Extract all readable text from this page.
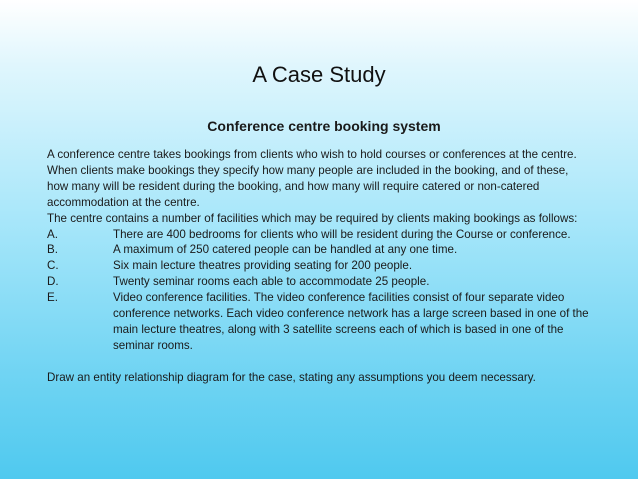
A Case Study
Conference centre booking system

A conference centre takes bookings from clients who wish to hold courses or conferences at the centre. When clients make bookings they specify how many people are included in the booking, and of these, how many will be resident during the booking, and how many will require catered or non-catered accommodation at the centre.

The centre contains a number of facilities which may be required by clients making bookings as follows:

A.	There are 400 bedrooms for clients who will be resident during the Course or conference.
B.	A maximum of 250 catered people can be handled at any one time.
C.	Six main lecture theatres providing seating for 200 people.
D.	Twenty seminar rooms each able to accommodate 25 people.
E.	Video conference facilities. The video conference facilities consist of four separate video conference networks. Each video conference network has a large screen based in one of the main lecture theatres, along with 3 satellite screens each of which is based in one of the seminar rooms.

Draw an entity relationship diagram for the case, stating any assumptions you deem necessary.
